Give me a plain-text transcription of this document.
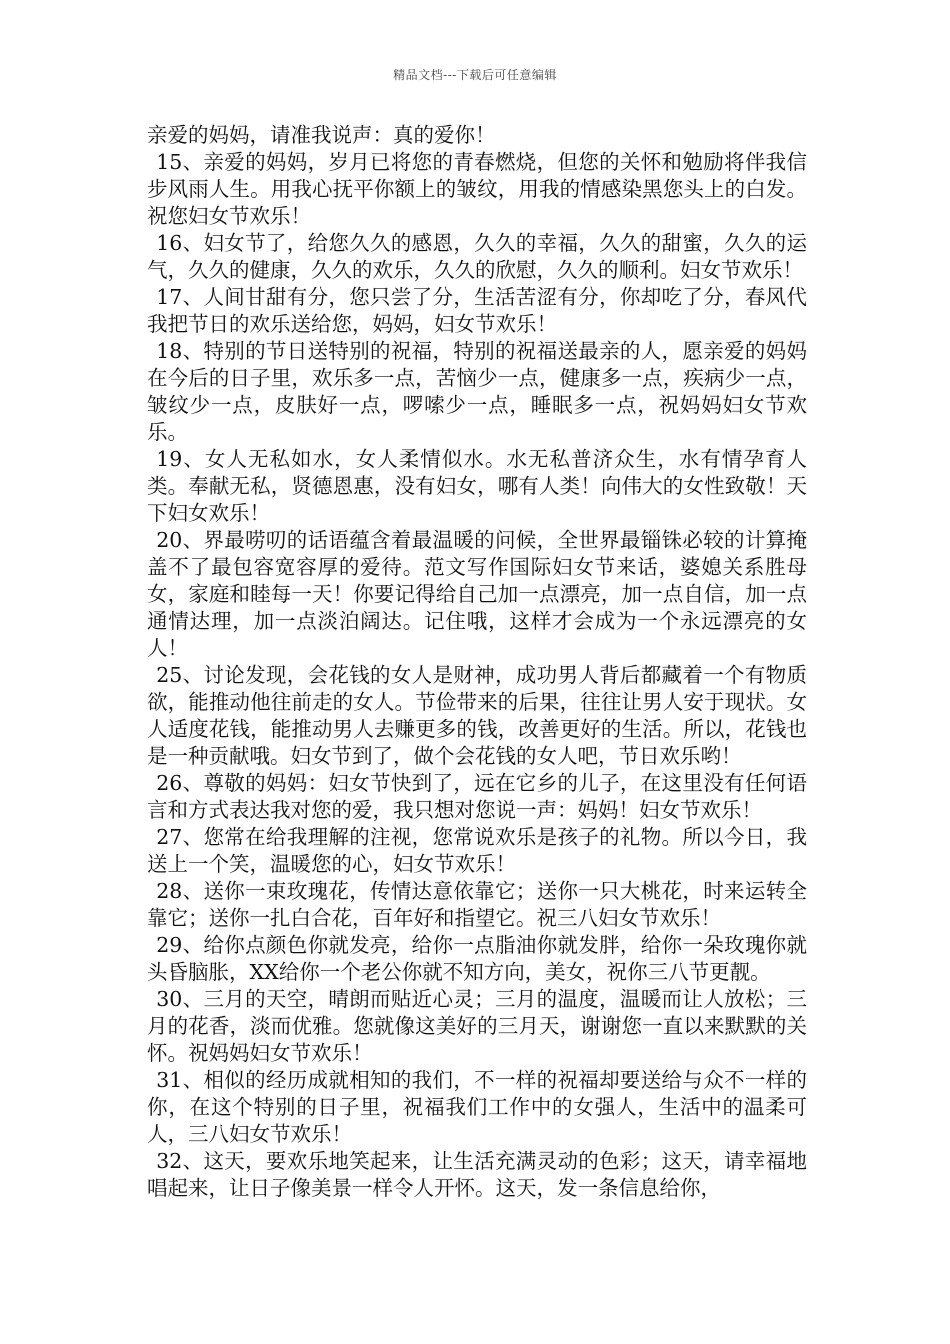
精品文档---下载后可任意编辑

亲爱的妈妈，请准我说声：真的爱你！

15、亲爱的妈妈，岁月已将您的青春燃烧，但您的关怀和勉励将伴我信步风雨人生。用我心抚平你额上的皱纹，用我的情感染黑您头上的白发。祝您妇女节欢乐！

16、妇女节了，给您久久的感恩，久久的幸福，久久的甜蜜，久久的运气，久久的健康，久久的欢乐，久久的欣慰，久久的顺利。妇女节欢乐！

17、人间甘甜有分，您只尝了分，生活苦涩有分，你却吃了分，春风代我把节日的欢乐送给您，妈妈，妇女节欢乐！

18、特别的节日送特别的祝福，特别的祝福送最亲的人，愿亲爱的妈妈在今后的日子里，欢乐多一点，苦恼少一点，健康多一点，疾病少一点，皱纹少一点，皮肤好一点，啰嗦少一点，睡眠多一点，祝妈妈妇女节欢乐。

19、女人无私如水，女人柔情似水。水无私普济众生，水有情孕育人类。奉献无私，贤德恩惠，没有妇女，哪有人类！向伟大的女性致敬！天下妇女欢乐！

20、界最唠叨的话语蕴含着最温暖的问候，全世界最锱铢必较的计算掩盖不了最包容宽容厚的爱待。范文写作国际妇女节来话，婆媳关系胜母女，家庭和睦每一天！你要记得给自己加一点漂亮，加一点自信，加一点通情达理，加一点淡泊阔达。记住哦，这样才会成为一个永远漂亮的女人！

25、讨论发现，会花钱的女人是财神，成功男人背后都藏着一个有物质欲，能推动他往前走的女人。节俭带来的后果，往往让男人安于现状。女人适度花钱，能推动男人去赚更多的钱，改善更好的生活。所以，花钱也是一种贡献哦。妇女节到了，做个会花钱的女人吧，节日欢乐哟！

26、尊敬的妈妈：妇女节快到了，远在它乡的儿子，在这里没有任何语言和方式表达我对您的爱，我只想对您说一声：妈妈！妇女节欢乐！

27、您常在给我理解的注视，您常说欢乐是孩子的礼物。所以今日，我送上一个笑，温暖您的心，妇女节欢乐！

28、送你一束玫瑰花，传情达意依靠它；送你一只大桃花，时来运转全靠它；送你一扎白合花，百年好和指望它。祝三八妇女节欢乐！

29、给你点颜色你就发亮，给你一点脂油你就发胖，给你一朵玫瑰你就头昏脑胀，XX给你一个老公你就不知方向，美女，祝你三八节更靓。

30、三月的天空，晴朗而贴近心灵；三月的温度，温暖而让人放松；三月的花香，淡而优雅。您就像这美好的三月天，谢谢您一直以来默默的关怀。祝妈妈妇女节欢乐！

31、相似的经历成就相知的我们，不一样的祝福却要送给与众不一样的你，在这个特别的日子里，祝福我们工作中的女强人，生活中的温柔可人，三八妇女节欢乐！

32、这天，要欢乐地笑起来，让生活充满灵动的色彩；这天，请幸福地唱起来，让日子像美景一样令人开怀。这天，发一条信息给你，
